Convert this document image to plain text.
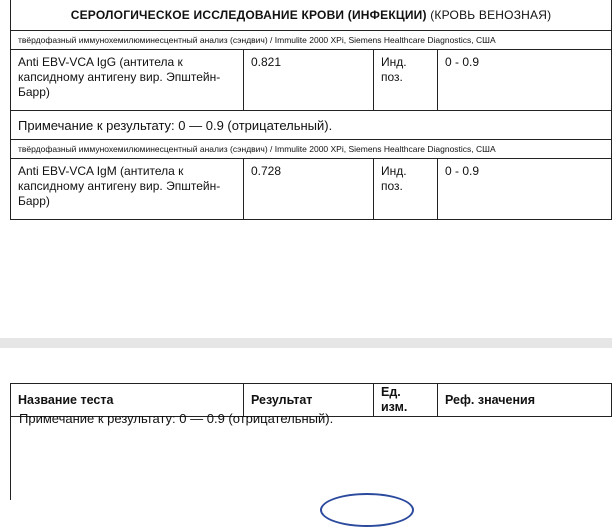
СЕРОЛОГИЧЕСКОЕ ИССЛЕДОВАНИЕ КРОВИ (ИНФЕКЦИИ) (КРОВЬ ВЕНОЗНАЯ)			
твёрдофазный иммунохемилюминесцентный анализ (сэндвич) / Immulite 2000 XPi, Siemens Healthcare Diagnostics, США			
Anti EBV-VCA IgG (антитела к капсидному антигену вир. Эпштейн-Барр)	0.821	Инд. поз.	0 - 0.9
Примечание к результату: 0 — 0.9 (отрицательный).			
твёрдофазный иммунохемилюминесцентный анализ (сэндвич) / Immulite 2000 XPi, Siemens Healthcare Diagnostics, США			
Anti EBV-VCA IgM (антитела к капсидному антигену вир. Эпштейн-Барр)	0.728	Инд. поз.	0 - 0.9
Название теста	Результат	Ед. изм.	Реф. значения
Примечание к результату: 0 — 0.9 (отрицательный).
